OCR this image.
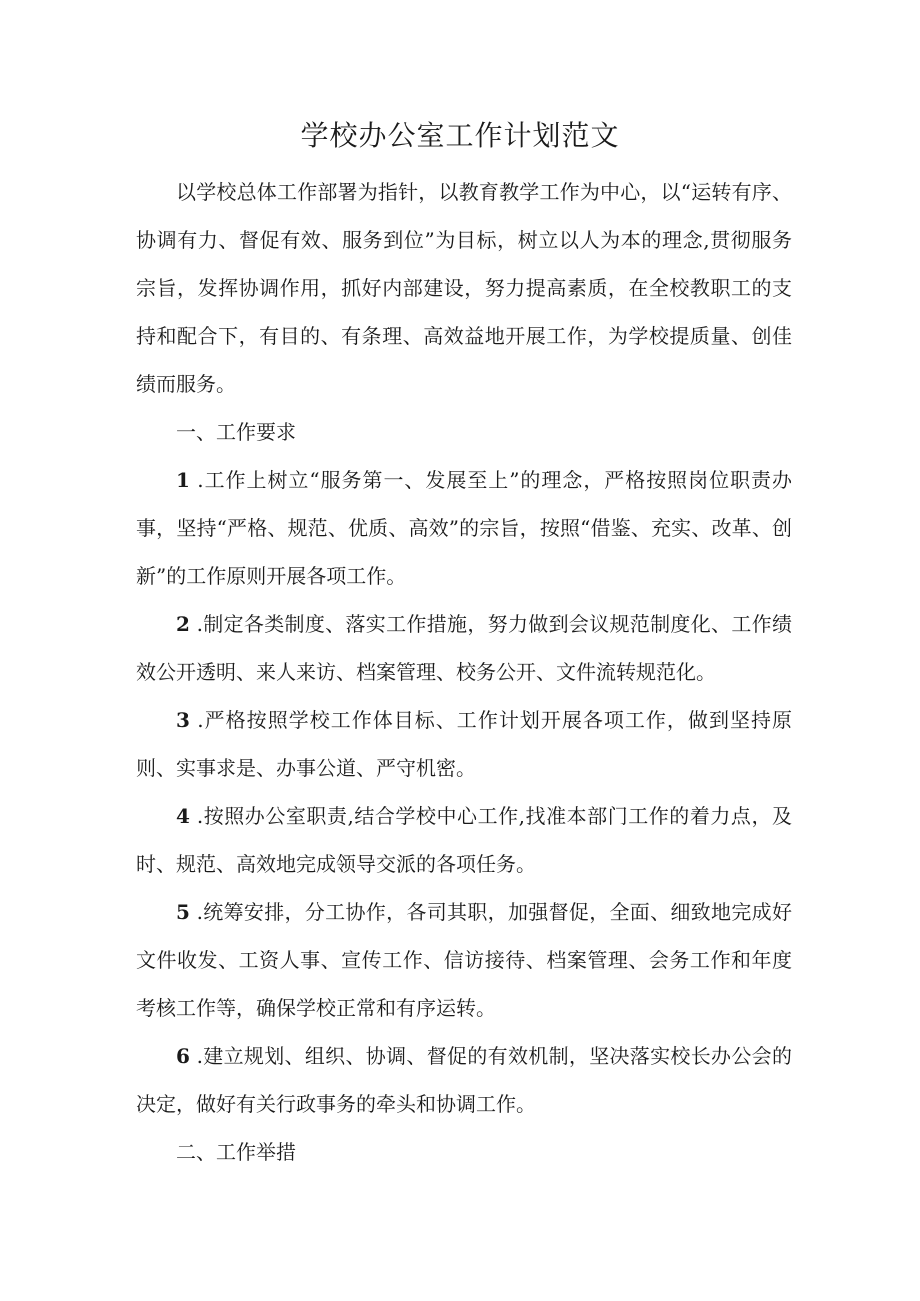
学校办公室工作计划范文

以学校总体工作部署为指针，以教育教学工作为中心，以“运转有序、协调有力、督促有效、服务到位”为目标，树立以人为本的理念,贯彻服务宗旨，发挥协调作用，抓好内部建设，努力提高素质，在全校教职工的支持和配合下，有目的、有条理、高效益地开展工作，为学校提质量、创佳绩而服务。

一、工作要求

1 .工作上树立“服务第一、发展至上”的理念，严格按照岗位职责办事，坚持“严格、规范、优质、高效”的宗旨，按照“借鉴、充实、改革、创新”的工作原则开展各项工作。

2 .制定各类制度、落实工作措施，努力做到会议规范制度化、工作绩效公开透明、来人来访、档案管理、校务公开、文件流转规范化。

3 .严格按照学校工作体目标、工作计划开展各项工作，做到坚持原则、实事求是、办事公道、严守机密。

4 .按照办公室职责,结合学校中心工作,找准本部门工作的着力点，及时、规范、高效地完成领导交派的各项任务。

5 .统筹安排，分工协作，各司其职，加强督促，全面、细致地完成好文件收发、工资人事、宣传工作、信访接待、档案管理、会务工作和年度考核工作等，确保学校正常和有序运转。

6 .建立规划、组织、协调、督促的有效机制，坚决落实校长办公会的决定，做好有关行政事务的牵头和协调工作。

二、工作举措
